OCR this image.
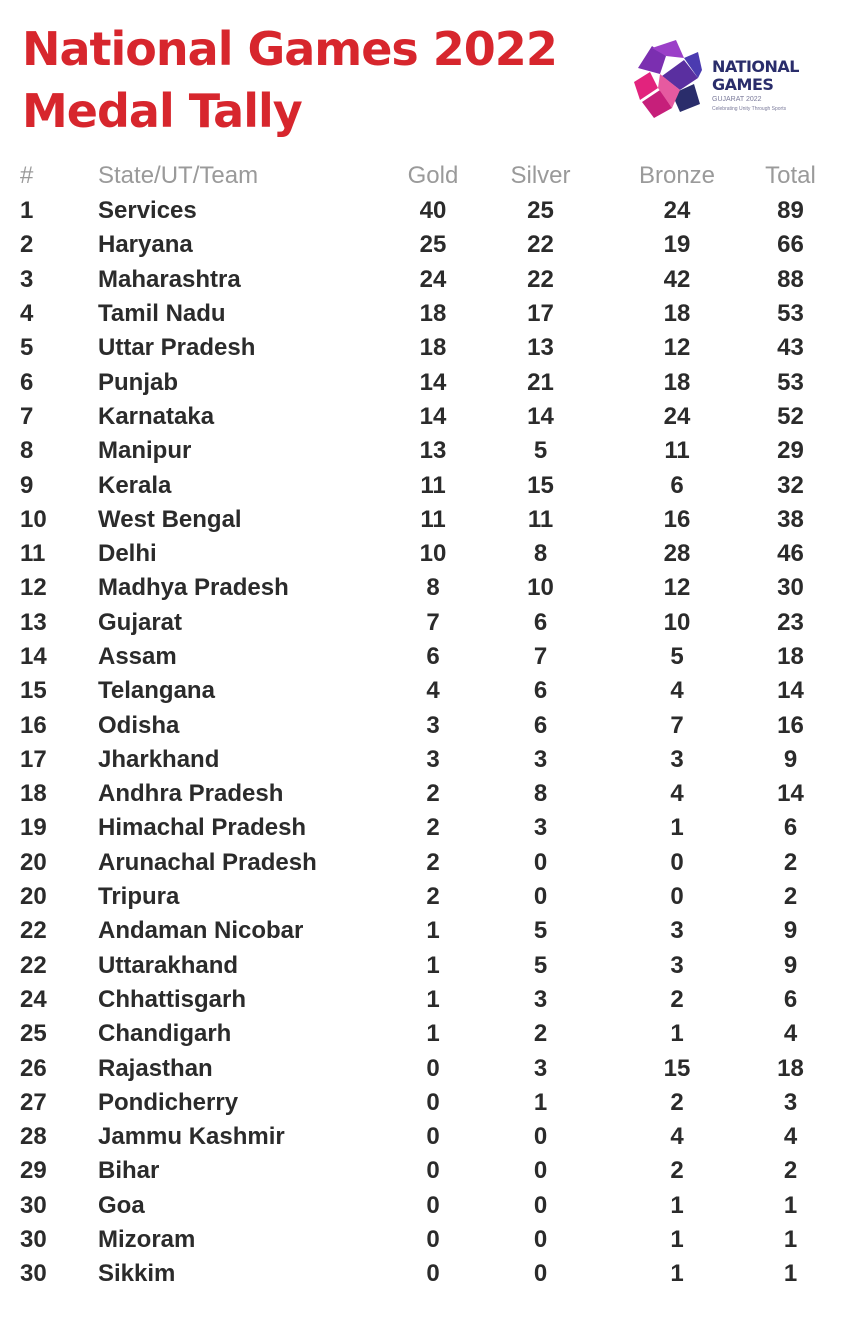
National Games 2022
Medal Tally
NATIONAL
GAMES
GUJARAT 2022
Celebrating Unity Through Sports
#	State/UT/Team	Gold	Silver	Bronze	Total
1	Services	40	25	24	89
2	Haryana	25	22	19	66
3	Maharashtra	24	22	42	88
4	Tamil Nadu	18	17	18	53
5	Uttar Pradesh	18	13	12	43
6	Punjab	14	21	18	53
7	Karnataka	14	14	24	52
8	Manipur	13	5	11	29
9	Kerala	11	15	6	32
10	West Bengal	11	11	16	38
11	Delhi	10	8	28	46
12	Madhya Pradesh	8	10	12	30
13	Gujarat	7	6	10	23
14	Assam	6	7	5	18
15	Telangana	4	6	4	14
16	Odisha	3	6	7	16
17	Jharkhand	3	3	3	9
18	Andhra Pradesh	2	8	4	14
19	Himachal Pradesh	2	3	1	6
20	Arunachal Pradesh	2	0	0	2
20	Tripura	2	0	0	2
22	Andaman Nicobar	1	5	3	9
22	Uttarakhand	1	5	3	9
24	Chhattisgarh	1	3	2	6
25	Chandigarh	1	2	1	4
26	Rajasthan	0	3	15	18
27	Pondicherry	0	1	2	3
28	Jammu Kashmir	0	0	4	4
29	Bihar	0	0	2	2
30	Goa	0	0	1	1
30	Mizoram	0	0	1	1
30	Sikkim	0	0	1	1
